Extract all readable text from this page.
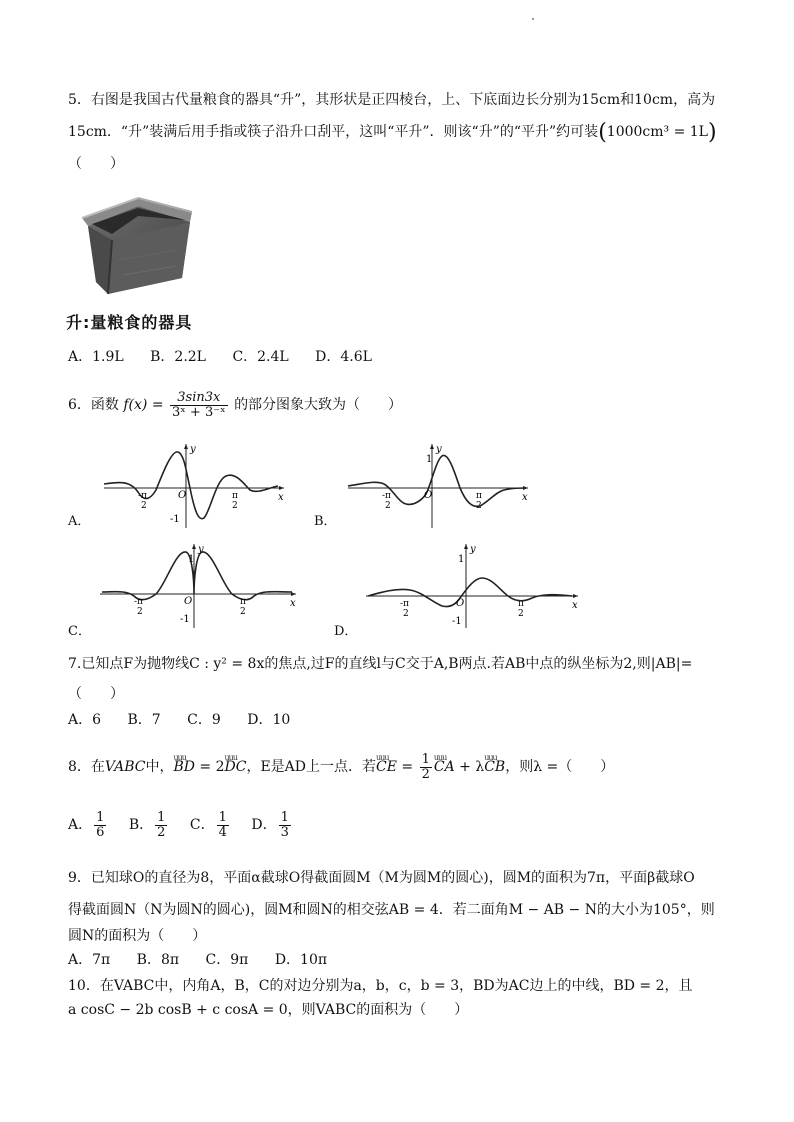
5．右图是我国古代量粮食的器具“升”，其形状是正四棱台，上、下底面边长分别为15cm和10cm，高为
15cm．“升”装满后用手指或筷子沿升口刮平，这叫“平升”．则该“升”的“平升”约可装(1000cm³ = 1L)
（　　）
升:量粮食的器具
A．1.9L B．2.2L C．2.4L D．4.6L
6．函数 $f(x) = \frac{3\sin 3x}{\text{3ˣ + 3⁻ˣ}}$ 的部分图象大致为（　　）
A．
y
x
O
-1
-π
2
π
2
B．
y
x
O
1
-π
2
π
2
C．
y
x
O
1
-1
-π
2
π
2
D．
y
x
O
1
-1
-π
2
π
2
7.已知点F为抛物线C : y² = 8x的焦点,过F的直线l与C交于A,B两点.若AB中点的纵坐标为2,则|AB|=
（　　）
A．6 B．7 C．9 D．10
8．在VABC中，uuu BD = 2uuu DC，E是AD上一点．若uuu CE = $\frac{1}{2}$
uuu CA + λuuu CB，则λ =（　　）
A． $\frac{1}{6}$ B． $\frac{1}{2}$ C． $\frac{1}{4}$ D． $\frac{1}{3}$
9．已知球O的直径为8，平面α截球O得截面圆M（M为圆M的圆心)，圆M的面积为7π，平面β截球O
得截面圆N（N为圆N的圆心)，圆M和圆N的相交弦AB = 4．若二面角M − AB − N的大小为105°，则
圆N的面积为（　　）
A．7π B．8π C．9π D．10π
10．在VABC中，内角A，B，C的对边分别为a，b，c，b = 3，BD为AC边上的中线，BD = 2，且
a cosC − 2b cosB + c cosA = 0，则VABC的面积为（　　）
